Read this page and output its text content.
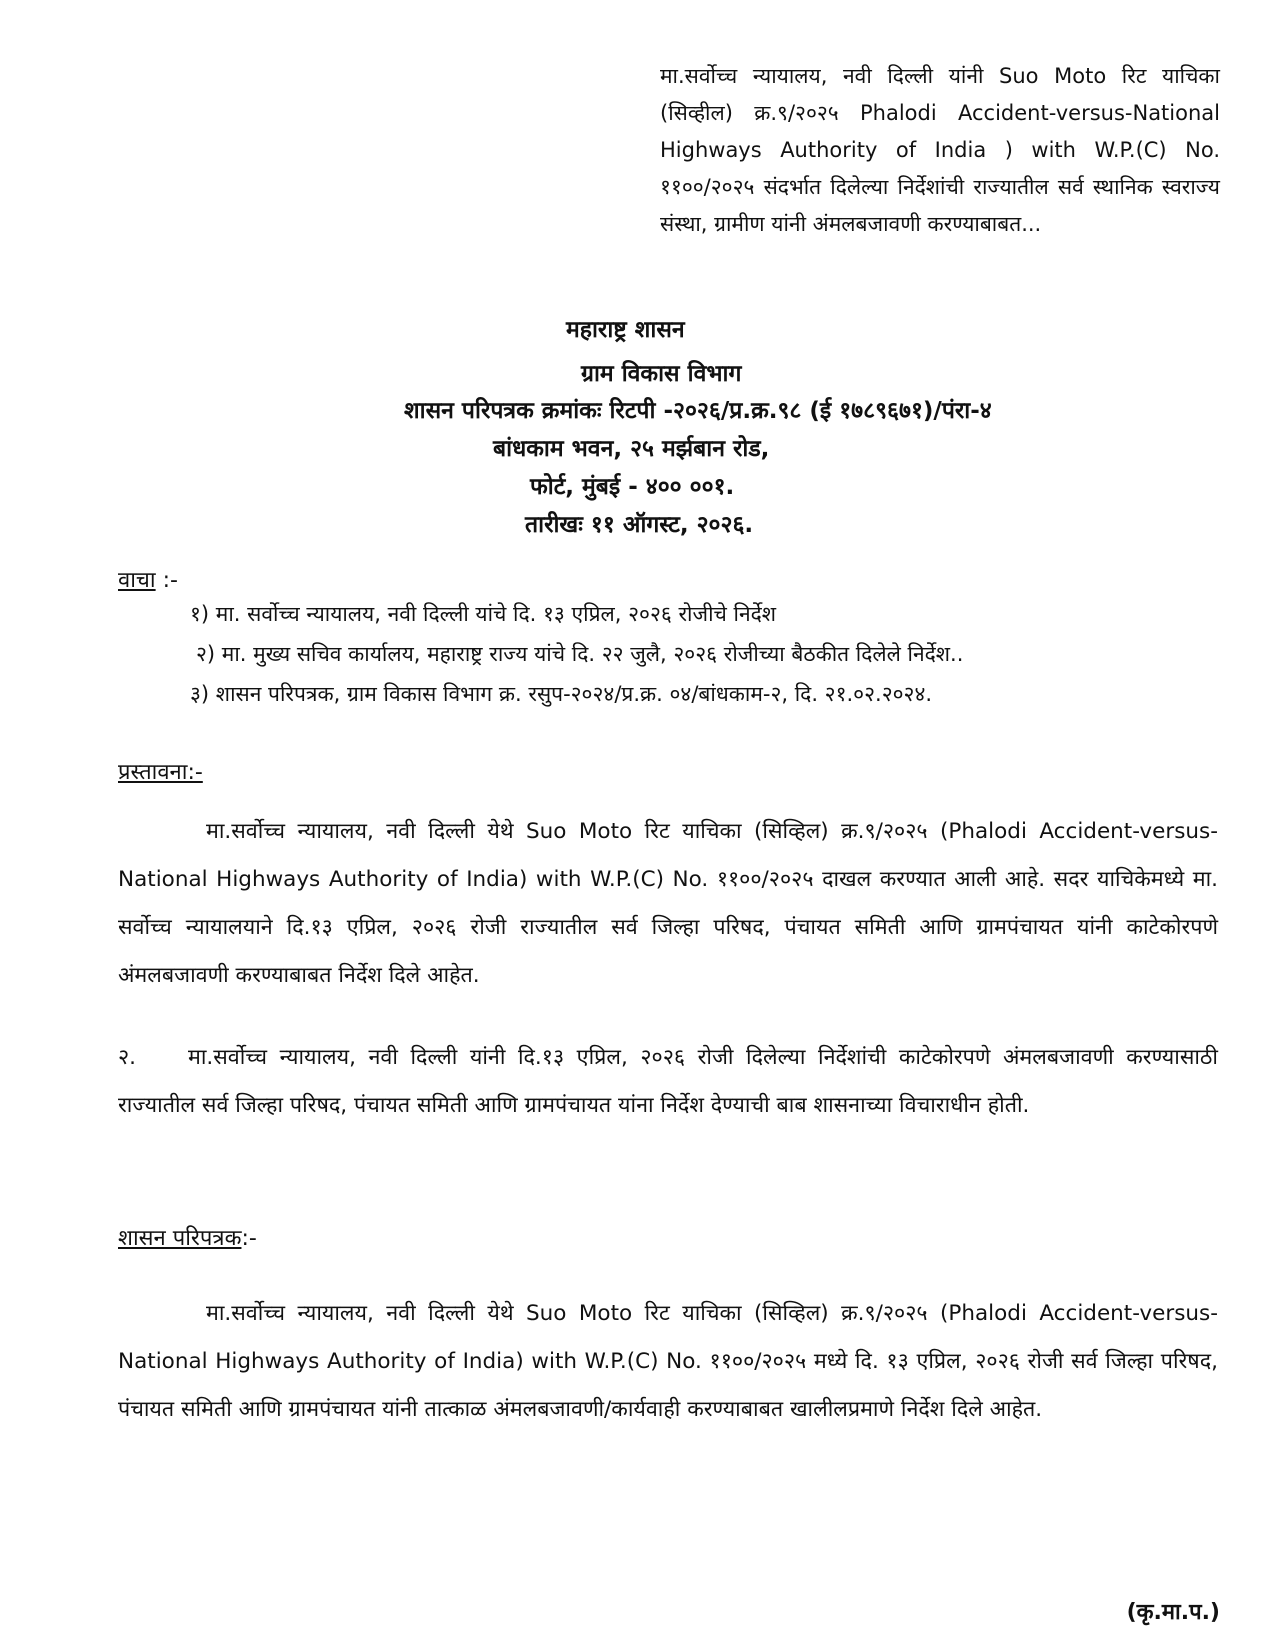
मा.सर्वोच्च न्यायालय, नवी दिल्ली यांनी Suo Moto रिट याचिका (सिव्हील) क्र.९/२०२५ Phalodi Accident-versus-National Highways Authority of India ) with W.P.(C) No. ११००/२०२५ संदर्भात दिलेल्या निर्देशांची राज्यातील सर्व स्थानिक स्वराज्य संस्था, ग्रामीण यांनी अंमलबजावणी करण्याबाबत...
महाराष्ट्र शासन
ग्राम विकास विभाग
शासन परिपत्रक क्रमांकः रिटपी -२०२६/प्र.क्र.९८ (ई १७८९६७१)/पंरा-४
बांधकाम भवन, २५ मर्झबान रोड,
फोर्ट, मुंबई - ४०० ००१.
तारीखः ११ ऑगस्ट, २०२६.
वाचा :-
१) मा. सर्वोच्च न्यायालय, नवी दिल्ली यांचे दि. १३ एप्रिल, २०२६ रोजीचे निर्देश
२) मा. मुख्य सचिव कार्यालय, महाराष्ट्र राज्य यांचे दि. २२ जुलै, २०२६ रोजीच्या बैठकीत दिलेले निर्देश..
३) शासन परिपत्रक, ग्राम विकास विभाग क्र. रसुप-२०२४/प्र.क्र. ०४/बांधकाम-२, दि. २१.०२.२०२४.
प्रस्तावना:-

मा.सर्वोच्च न्यायालय, नवी दिल्ली येथे Suo Moto रिट याचिका (सिव्हिल) क्र.९/२०२५ (Phalodi Accident-versus-National Highways Authority of India) with W.P.(C) No. ११००/२०२५ दाखल करण्यात आली आहे. सदर याचिकेमध्ये मा. सर्वोच्च न्यायालयाने दि.१३ एप्रिल, २०२६ रोजी राज्यातील सर्व जिल्हा परिषद, पंचायत समिती आणि ग्रामपंचायत यांनी काटेकोरपणे अंमलबजावणी करण्याबाबत निर्देश दिले आहेत.

२. मा.सर्वोच्च न्यायालय, नवी दिल्ली यांनी दि.१३ एप्रिल, २०२६ रोजी दिलेल्या निर्देशांची काटेकोरपणे अंमलबजावणी करण्यासाठी राज्यातील सर्व जिल्हा परिषद, पंचायत समिती आणि ग्रामपंचायत यांना निर्देश देण्याची बाब शासनाच्या विचाराधीन होती.

शासन परिपत्रक:-

मा.सर्वोच्च न्यायालय, नवी दिल्ली येथे Suo Moto रिट याचिका (सिव्हिल) क्र.९/२०२५ (Phalodi Accident-versus-National Highways Authority of India) with W.P.(C) No. ११००/२०२५ मध्ये दि. १३ एप्रिल, २०२६ रोजी सर्व जिल्हा परिषद, पंचायत समिती आणि ग्रामपंचायत यांनी तात्काळ अंमलबजावणी/कार्यवाही करण्याबाबत खालीलप्रमाणे निर्देश दिले आहेत.

(कृ.मा.प.)
